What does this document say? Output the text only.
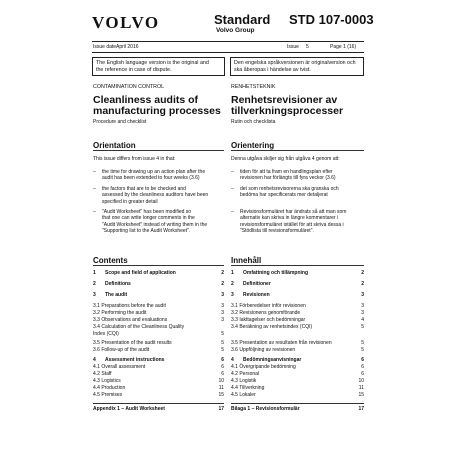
VOLVO	Standard
Volvo Group
STD 107-0003
Issue date April 2016	Issue 5	Page 1 (16)
The English language version is the original and
the reference in case of dispute.
Den engelska språkversionen är originalversion och
ska åberopas i händelse av tvist.
CONTAMINATION CONTROL
Cleanliness audits of
manufacturing processes
Procedure and checklist
Orientation
This issue differs from issue 4 in that:
– the time for drawing up an action plan after the
audit has been extended to four weeks (3.6)
– the factors that are to be checked and
assessed by the cleanliness auditors have been
specified in greater detail
– "Audit Worksheet" has been modified so
that one can write longer comments in the
"Audit Worksheet" instead of writing them in the
"Supporting list to the Audit Worksheet".
Contents
1 Scope and field of application	2
2 Definitions	2
3 The audit	3
3.1 Preparations before the audit	3
3.2 Performing the audit	3
3.3 Observations and evaluations	3
3.4 Calculation of the Cleanliness Quality
Index (CQI)	5
3.5 Presentation of the audit results	5
3.6 Follow-up of the audit	5
4 Assessment instructions	6
4.1 Overall assessment	6
4.2 Staff	6
4.3 Logistics	10
4.4 Production	11
4.5 Premises	15
Appendix 1 – Audit Worksheet	17
RENHETSTEKNIK
Renhetsrevisioner av
tillverkningsprocesser
Rutin och checklista
Orientering
Denna utgåva skiljer sig från utgåva 4 genom att:
– tiden för att ta fram en handlingsplan efter
revisionen har förlängts till fyra veckor (3.6)
– det som renhetsrevisorerna ska granska och
bedöma har specificerats mer detaljerat
– Revisionsformuläret har ändrats så att man som
alternativ kan skriva in längre kommentarer i
revisionsformuläret istället för att skriva dessa i
"Stödlista till revisionsformuläret".
Innehåll
1 Omfattning och tillämpning	2
2 Definitioner	2
3 Revisionen	3
3.1 Förberedelser inför revisionen	3
3.2 Revisionens genomförande	3
3.3 Iakttagelser och bedömningar	4
3.4 Beräkning av renhetsindex (CQI)	5
3.5 Presentation av resultaten från revisionen	5
3.6 Uppföljning av revisionen	5
4 Bedömningsanvisningar	6
4.1 Övergripande bedömning	6
4.2 Personal	6
4.3 Logistik	10
4.4 Tillverkning	11
4.5 Lokaler	15
Bilaga 1 – Revisionsformulär	17
